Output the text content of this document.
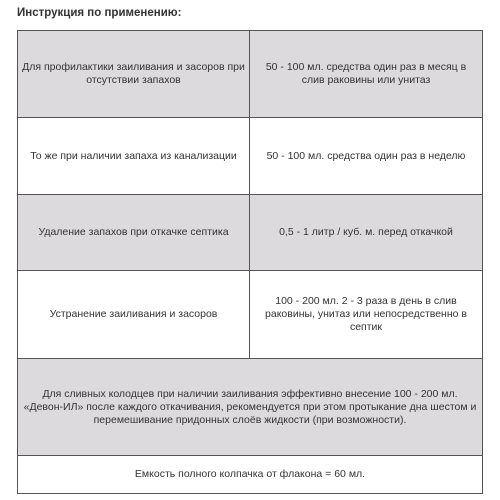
Инструкция по применению:
Для профилактики заиливания и засоров при отсутствии запахов	50 - 100 мл. средства один раз в месяц в слив раковины или унитаз
То же при наличии запаха из канализации	50 - 100 мл. средства один раз в неделю
Удаление запахов при откачке септика	0,5 - 1 литр / куб. м. перед откачкой
Устранение заиливания и засоров	100 - 200 мл. 2 - 3 раза в день в слив раковины, унитаз или непосредственно в септик
Для сливных колодцев при наличии заиливания эффективно внесение 100 - 200 мл. «Девон-ИЛ» после каждого откачивания, рекомендуется при этом протыкание дна шестом и перемешивание придонных слоёв жидкости (при возможности).	
Емкость полного колпачка от флакона = 60 мл.	
